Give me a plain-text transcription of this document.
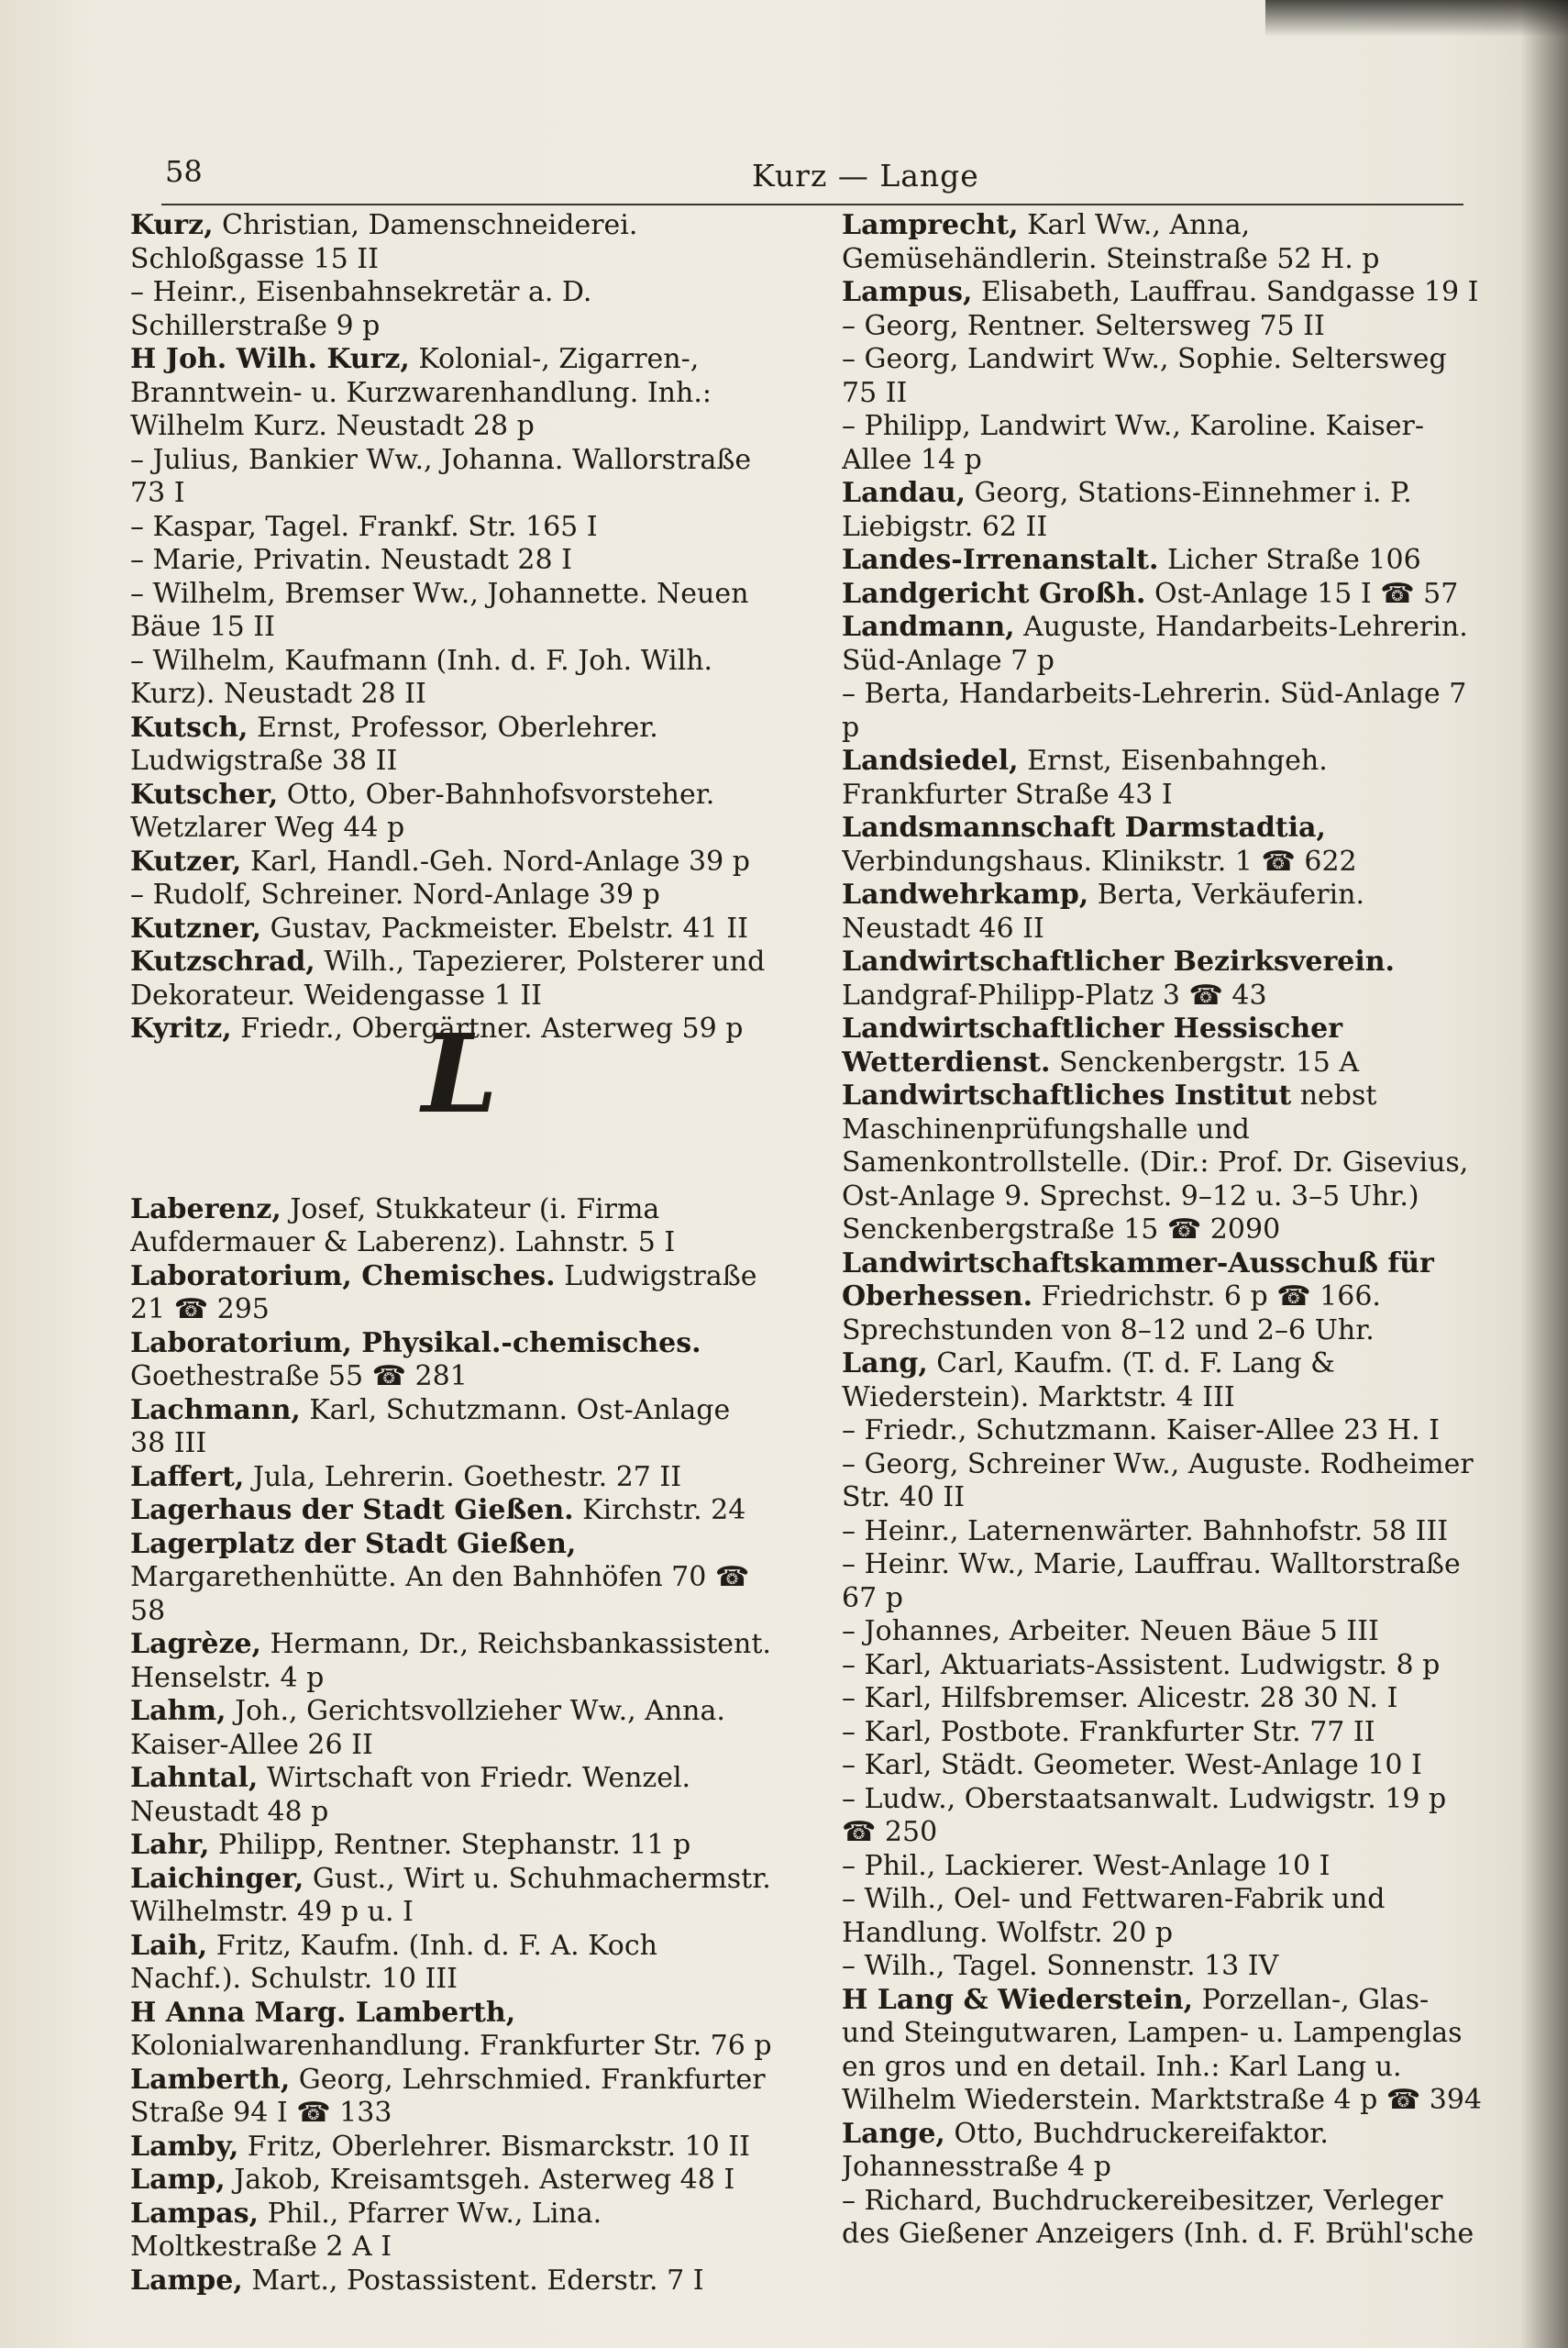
58	Kurz — Lange
Kurz, Christian, Damenschneiderei. Schloßgasse 15 II
– Heinr., Eisenbahnsekretär a. D. Schillerstraße 9 p
H Joh. Wilh. Kurz, Kolonial-, Zigarren-, Branntwein- u. Kurzwarenhandlung. Inh.: Wilhelm Kurz. Neustadt 28 p
– Julius, Bankier Ww., Johanna. Wallorstraße 73 I
– Kaspar, Tagel. Frankf. Str. 165 I
– Marie, Privatin. Neustadt 28 I
– Wilhelm, Bremser Ww., Johannette. Neuen Bäue 15 II
– Wilhelm, Kaufmann (Inh. d. F. Joh. Wilh. Kurz). Neustadt 28 II
Kutsch, Ernst, Professor, Oberlehrer. Ludwigstraße 38 II
Kutscher, Otto, Ober-Bahnhofsvorsteher. Wetzlarer Weg 44 p
Kutzer, Karl, Handl.-Geh. Nord-Anlage 39 p
– Rudolf, Schreiner. Nord-Anlage 39 p
Kutzner, Gustav, Packmeister. Ebelstr. 41 II
Kutzschrad, Wilh., Tapezierer, Polsterer und Dekorateur. Weidengasse 1 II
Kyritz, Friedr., Obergärtner. Asterweg 59 p
L
Laberenz, Josef, Stukkateur (i. Firma Aufdermauer & Laberenz). Lahnstr. 5 I
Laboratorium, Chemisches. Ludwigstraße 21 ☎ 295
Laboratorium, Physikal.-chemisches. Goethestraße 55 ☎ 281
Lachmann, Karl, Schutzmann. Ost-Anlage 38 III
Laffert, Jula, Lehrerin. Goethestr. 27 II
Lagerhaus der Stadt Gießen. Kirchstr. 24
Lagerplatz der Stadt Gießen, Margarethenhütte. An den Bahnhöfen 70 ☎ 58
Lagrèze, Hermann, Dr., Reichsbankassistent. Henselstr. 4 p
Lahm, Joh., Gerichtsvollzieher Ww., Anna. Kaiser-Allee 26 II
Lahntal, Wirtschaft von Friedr. Wenzel. Neustadt 48 p
Lahr, Philipp, Rentner. Stephanstr. 11 p
Laichinger, Gust., Wirt u. Schuhmachermstr. Wilhelmstr. 49 p u. I
Laih, Fritz, Kaufm. (Inh. d. F. A. Koch Nachf.). Schulstr. 10 III
H Anna Marg. Lamberth, Kolonialwarenhandlung. Frankfurter Str. 76 p
Lamberth, Georg, Lehrschmied. Frankfurter Straße 94 I ☎ 133
Lamby, Fritz, Oberlehrer. Bismarckstr. 10 II
Lamp, Jakob, Kreisamtsgeh. Asterweg 48 I
Lampas, Phil., Pfarrer Ww., Lina. Moltkestraße 2 A I
Lampe, Mart., Postassistent. Ederstr. 7 I
Lamprecht, Karl Ww., Anna, Gemüsehändlerin. Steinstraße 52 H. p
Lampus, Elisabeth, Lauffrau. Sandgasse 19 I
– Georg, Rentner. Seltersweg 75 II
– Georg, Landwirt Ww., Sophie. Seltersweg 75 II
– Philipp, Landwirt Ww., Karoline. Kaiser-Allee 14 p
Landau, Georg, Stations-Einnehmer i. P. Liebigstr. 62 II
Landes-Irrenanstalt. Licher Straße 106
Landgericht Großh. Ost-Anlage 15 I ☎ 57
Landmann, Auguste, Handarbeits-Lehrerin. Süd-Anlage 7 p
– Berta, Handarbeits-Lehrerin. Süd-Anlage 7 p
Landsiedel, Ernst, Eisenbahngeh. Frankfurter Straße 43 I
Landsmannschaft Darmstadtia, Verbindungshaus. Klinikstr. 1 ☎ 622
Landwehrkamp, Berta, Verkäuferin. Neustadt 46 II
Landwirtschaftlicher Bezirksverein. Landgraf-Philipp-Platz 3 ☎ 43
Landwirtschaftlicher Hessischer Wetterdienst. Senckenbergstr. 15 A
Landwirtschaftliches Institut nebst Maschinenprüfungshalle und Samenkontrollstelle. (Dir.: Prof. Dr. Gisevius, Ost-Anlage 9. Sprechst. 9–12 u. 3–5 Uhr.) Senckenbergstraße 15 ☎ 2090
Landwirtschaftskammer-Ausschuß für Oberhessen. Friedrichstr. 6 p ☎ 166. Sprechstunden von 8–12 und 2–6 Uhr.
Lang, Carl, Kaufm. (T. d. F. Lang & Wiederstein). Marktstr. 4 III
– Friedr., Schutzmann. Kaiser-Allee 23 H. I
– Georg, Schreiner Ww., Auguste. Rodheimer Str. 40 II
– Heinr., Laternenwärter. Bahnhofstr. 58 III
– Heinr. Ww., Marie, Lauffrau. Walltorstraße 67 p
– Johannes, Arbeiter. Neuen Bäue 5 III
– Karl, Aktuariats-Assistent. Ludwigstr. 8 p
– Karl, Hilfsbremser. Alicestr. 28 30 N. I
– Karl, Postbote. Frankfurter Str. 77 II
– Karl, Städt. Geometer. West-Anlage 10 I
– Ludw., Oberstaatsanwalt. Ludwigstr. 19 p ☎ 250
– Phil., Lackierer. West-Anlage 10 I
– Wilh., Oel- und Fettwaren-Fabrik und Handlung. Wolfstr. 20 p
– Wilh., Tagel. Sonnenstr. 13 IV
H Lang & Wiederstein, Porzellan-, Glas- und Steingutwaren, Lampen- u. Lampenglas en gros und en detail. Inh.: Karl Lang u. Wilhelm Wiederstein. Marktstraße 4 p ☎ 394
Lange, Otto, Buchdruckereifaktor. Johannesstraße 4 p
– Richard, Buchdruckereibesitzer, Verleger des Gießener Anzeigers (Inh. d. F. Brühl'sche
